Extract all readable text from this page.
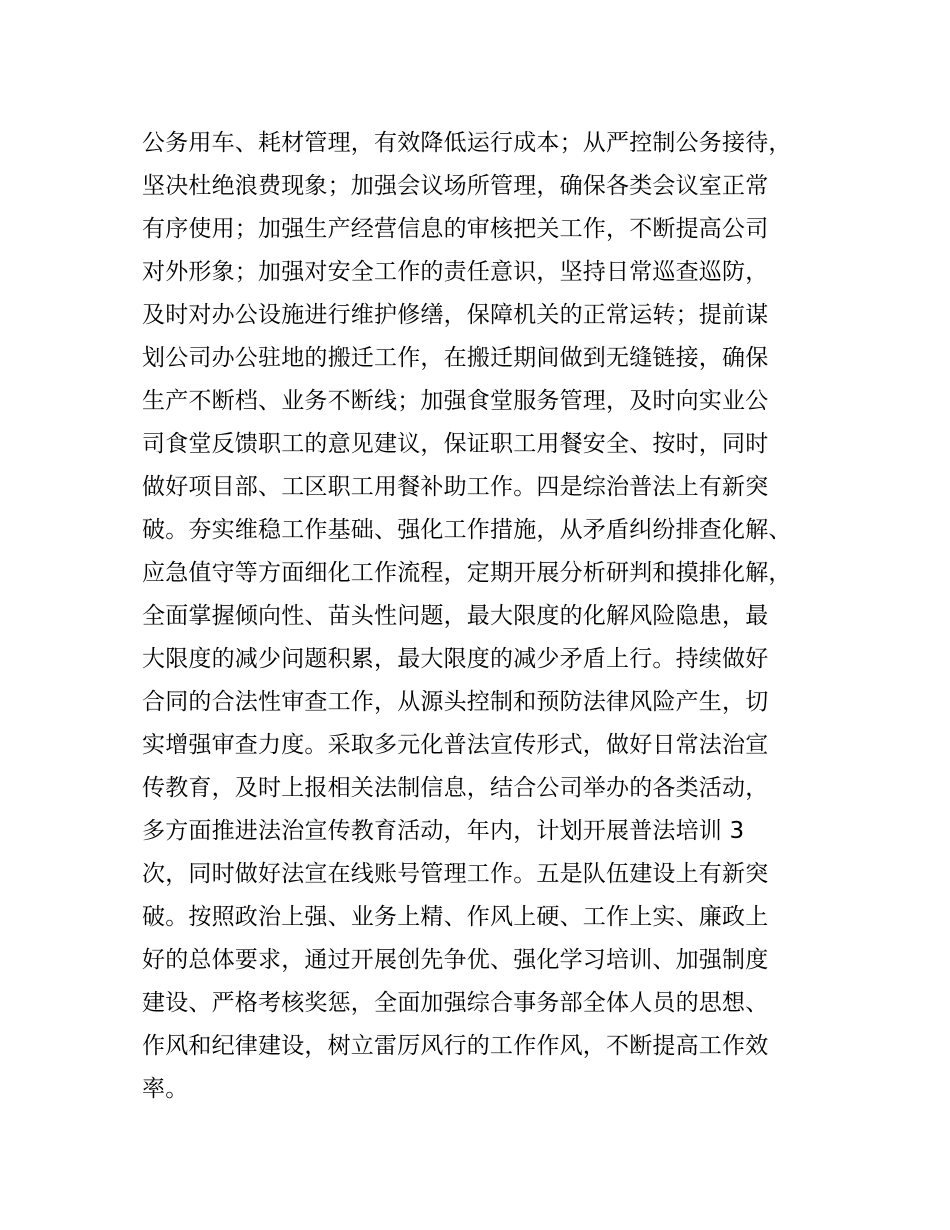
公务用车、耗材管理，有效降低运行成本；从严控制公务接待，
坚决杜绝浪费现象；加强会议场所管理，确保各类会议室正常
有序使用；加强生产经营信息的审核把关工作，不断提高公司
对外形象；加强对安全工作的责任意识，坚持日常巡查巡防，
及时对办公设施进行维护修缮，保障机关的正常运转；提前谋
划公司办公驻地的搬迁工作，在搬迁期间做到无缝链接，确保
生产不断档、业务不断线；加强食堂服务管理，及时向实业公
司食堂反馈职工的意见建议，保证职工用餐安全、按时，同时
做好项目部、工区职工用餐补助工作。四是综治普法上有新突
破。夯实维稳工作基础、强化工作措施，从矛盾纠纷排查化解、
应急值守等方面细化工作流程，定期开展分析研判和摸排化解，
全面掌握倾向性、苗头性问题，最大限度的化解风险隐患，最
大限度的减少问题积累，最大限度的减少矛盾上行。持续做好
合同的合法性审查工作，从源头控制和预防法律风险产生，切
实增强审查力度。采取多元化普法宣传形式，做好日常法治宣
传教育，及时上报相关法制信息，结合公司举办的各类活动，
多方面推进法治宣传教育活动，年内，计划开展普法培训 3
次，同时做好法宣在线账号管理工作。五是队伍建设上有新突
破。按照政治上强、业务上精、作风上硬、工作上实、廉政上
好的总体要求，通过开展创先争优、强化学习培训、加强制度
建设、严格考核奖惩，全面加强综合事务部全体人员的思想、
作风和纪律建设，树立雷厉风行的工作作风，不断提高工作效
率。
